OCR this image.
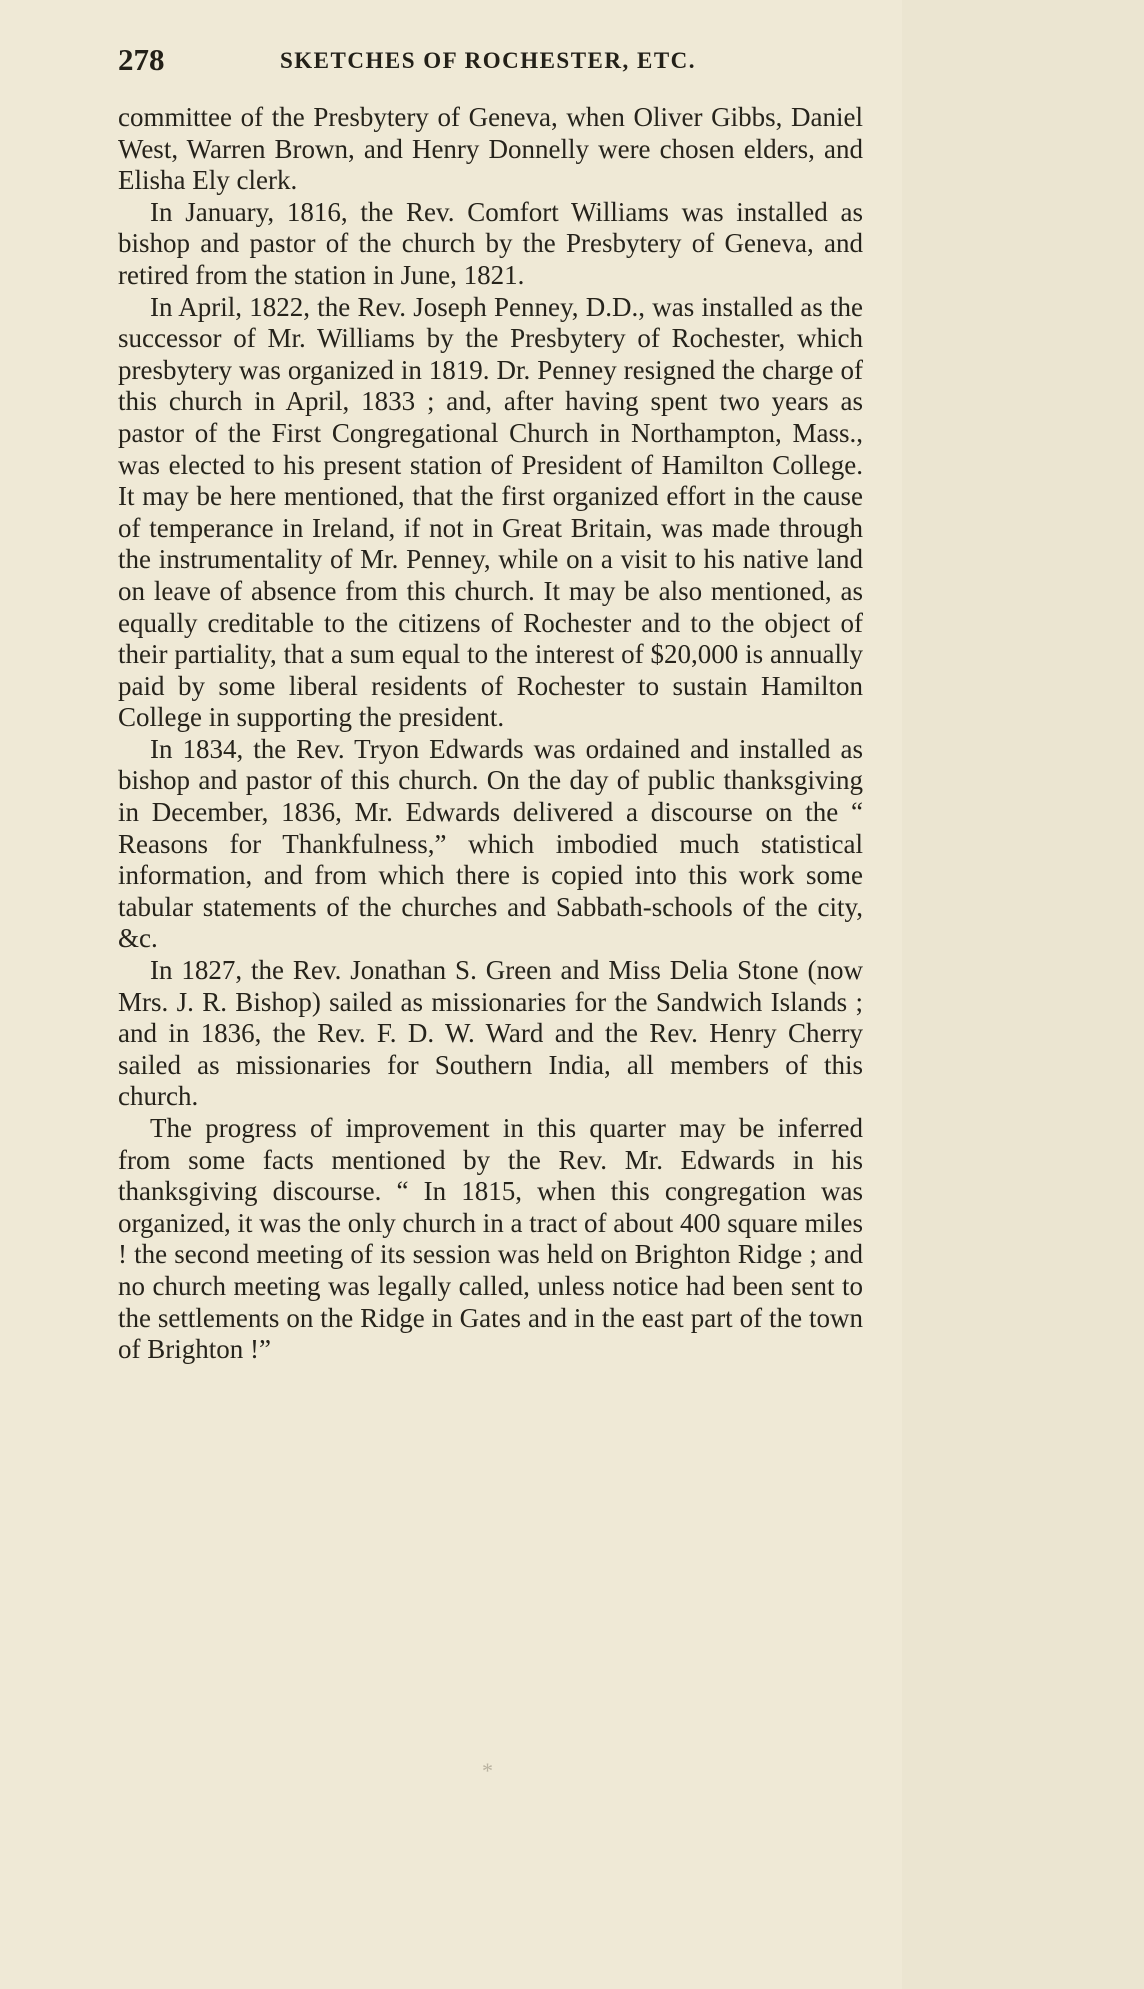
278	SKETCHES OF ROCHESTER, ETC.

committee of the Presbytery of Geneva, when Oliver Gibbs, Daniel West, Warren Brown, and Henry Donnelly were chosen elders, and Elisha Ely clerk.

In January, 1816, the Rev. Comfort Williams was installed as bishop and pastor of the church by the Presbytery of Geneva, and retired from the station in June, 1821.

In April, 1822, the Rev. Joseph Penney, D.D., was installed as the successor of Mr. Williams by the Presbytery of Rochester, which presbytery was organized in 1819. Dr. Penney resigned the charge of this church in April, 1833 ; and, after having spent two years as pastor of the First Congregational Church in Northampton, Mass., was elected to his present station of President of Hamilton College. It may be here mentioned, that the first organized effort in the cause of temperance in Ireland, if not in Great Britain, was made through the instrumentality of Mr. Penney, while on a visit to his native land on leave of absence from this church. It may be also mentioned, as equally creditable to the citizens of Rochester and to the object of their partiality, that a sum equal to the interest of $20,000 is annually paid by some liberal residents of Rochester to sustain Hamilton College in supporting the president.

In 1834, the Rev. Tryon Edwards was ordained and installed as bishop and pastor of this church. On the day of public thanksgiving in December, 1836, Mr. Edwards delivered a discourse on the “ Reasons for Thankfulness,” which imbodied much statistical information, and from which there is copied into this work some tabular statements of the churches and Sabbath-schools of the city, &c.

In 1827, the Rev. Jonathan S. Green and Miss Delia Stone (now Mrs. J. R. Bishop) sailed as missionaries for the Sandwich Islands ; and in 1836, the Rev. F. D. W. Ward and the Rev. Henry Cherry sailed as missionaries for Southern India, all members of this church.

The progress of improvement in this quarter may be inferred from some facts mentioned by the Rev. Mr. Edwards in his thanksgiving discourse. “ In 1815, when this congregation was organized, it was the only church in a tract of about 400 square miles ! the second meeting of its session was held on Brighton Ridge ; and no church meeting was legally called, unless notice had been sent to the settlements on the Ridge in Gates and in the east part of the town of Brighton !”

*
